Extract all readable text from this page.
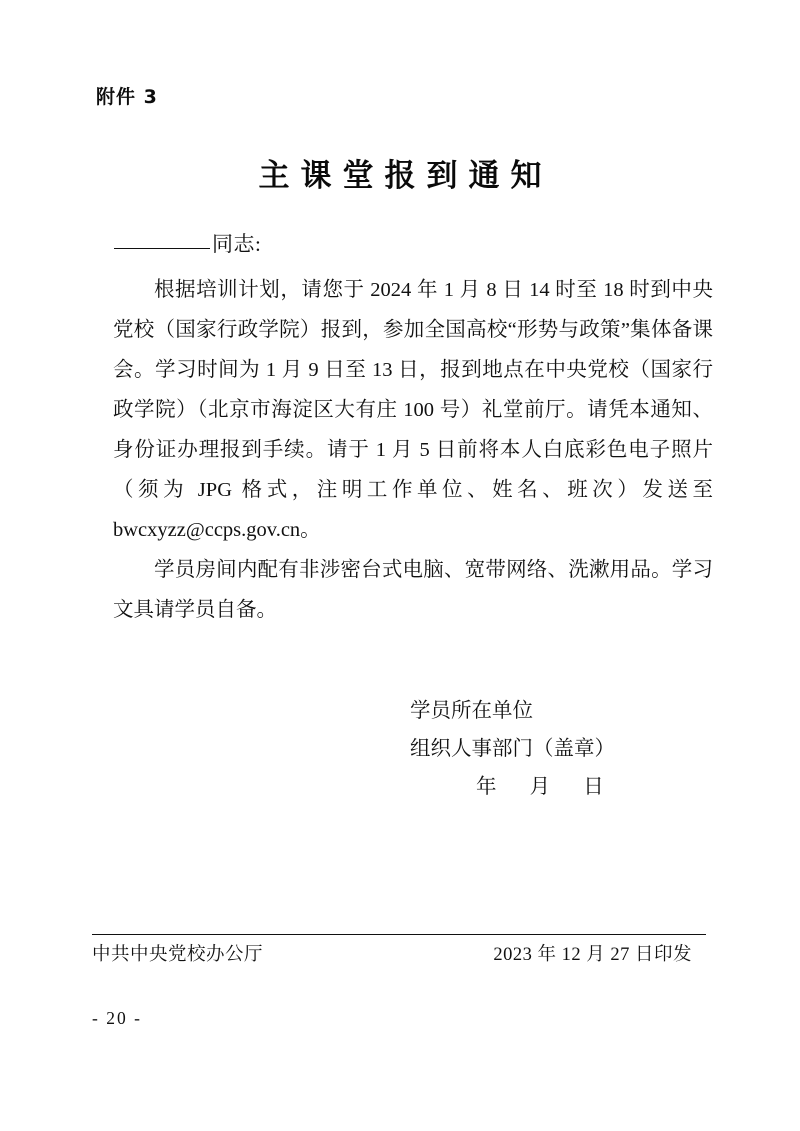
附件 3
主课堂报到通知
同志:

根据培训计划，请您于 2024 年 1 月 8 日 14 时至 18 时到中央党校（国家行政学院）报到，参加全国高校“形势与政策”集体备课会。学习时间为 1 月 9 日至 13 日，报到地点在中央党校（国家行政学院）（北京市海淀区大有庄 100 号）礼堂前厅。请凭本通知、身份证办理报到手续。请于 1 月 5 日前将本人白底彩色电子照片（须为 JPG 格式，注明工作单位、姓名、班次）发送至 bwcxyzz@ccps.gov.cn。

学员房间内配有非涉密台式电脑、宽带网络、洗漱用品。学习文具请学员自备。

学员所在单位
组织人事部门（盖章）
年 月 日
中共中央党校办公厅	2023 年 12 月 27 日印发
- 20 -
